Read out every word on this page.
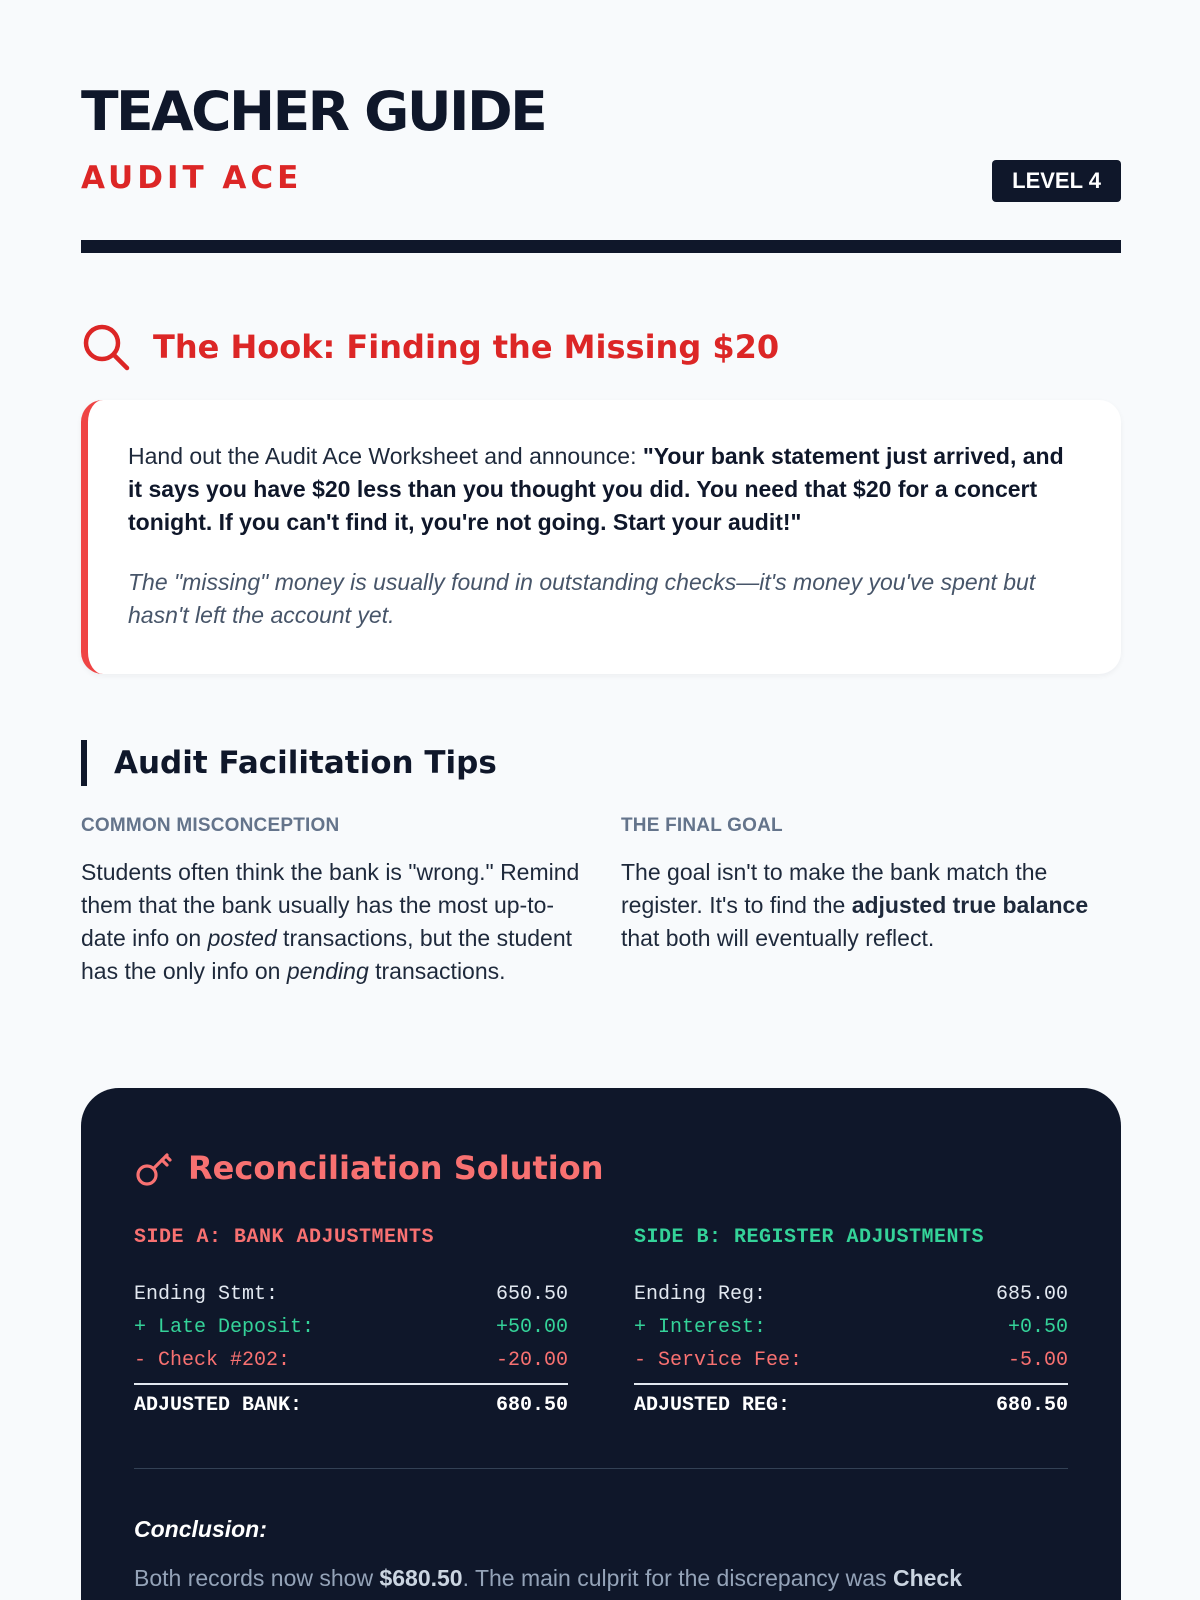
TEACHER GUIDE
AUDIT ACE	LEVEL 4
The Hook: Finding the Missing $20

Hand out the Audit Ace Worksheet and announce: "Your bank statement just arrived, and it says you have $20 less than you thought you did. You need that $20 for a concert tonight. If you can't find it, you're not going. Start your audit!"

The "missing" money is usually found in outstanding checks—it's money you've spent but hasn't left the account yet.

Audit Facilitation Tips
COMMON MISCONCEPTION

Students often think the bank is "wrong." Remind them that the bank usually has the most up-to-date info on posted transactions, but the student has the only info on pending transactions.

THE FINAL GOAL

The goal isn't to make the bank match the register. It's to find the adjusted true balance that both will eventually reflect.

Reconciliation Solution
SIDE A: BANK ADJUSTMENTS
Ending Stmt:	650.50
+ Late Deposit:	+50.00
- Check #202:	-20.00
ADJUSTED BANK:	680.50
SIDE B: REGISTER ADJUSTMENTS
Ending Reg:	685.00
+ Interest:	+0.50
- Service Fee:	-5.00
ADJUSTED REG:	680.50
Conclusion:

Both records now show $680.50. The main culprit for the discrepancy was Check
